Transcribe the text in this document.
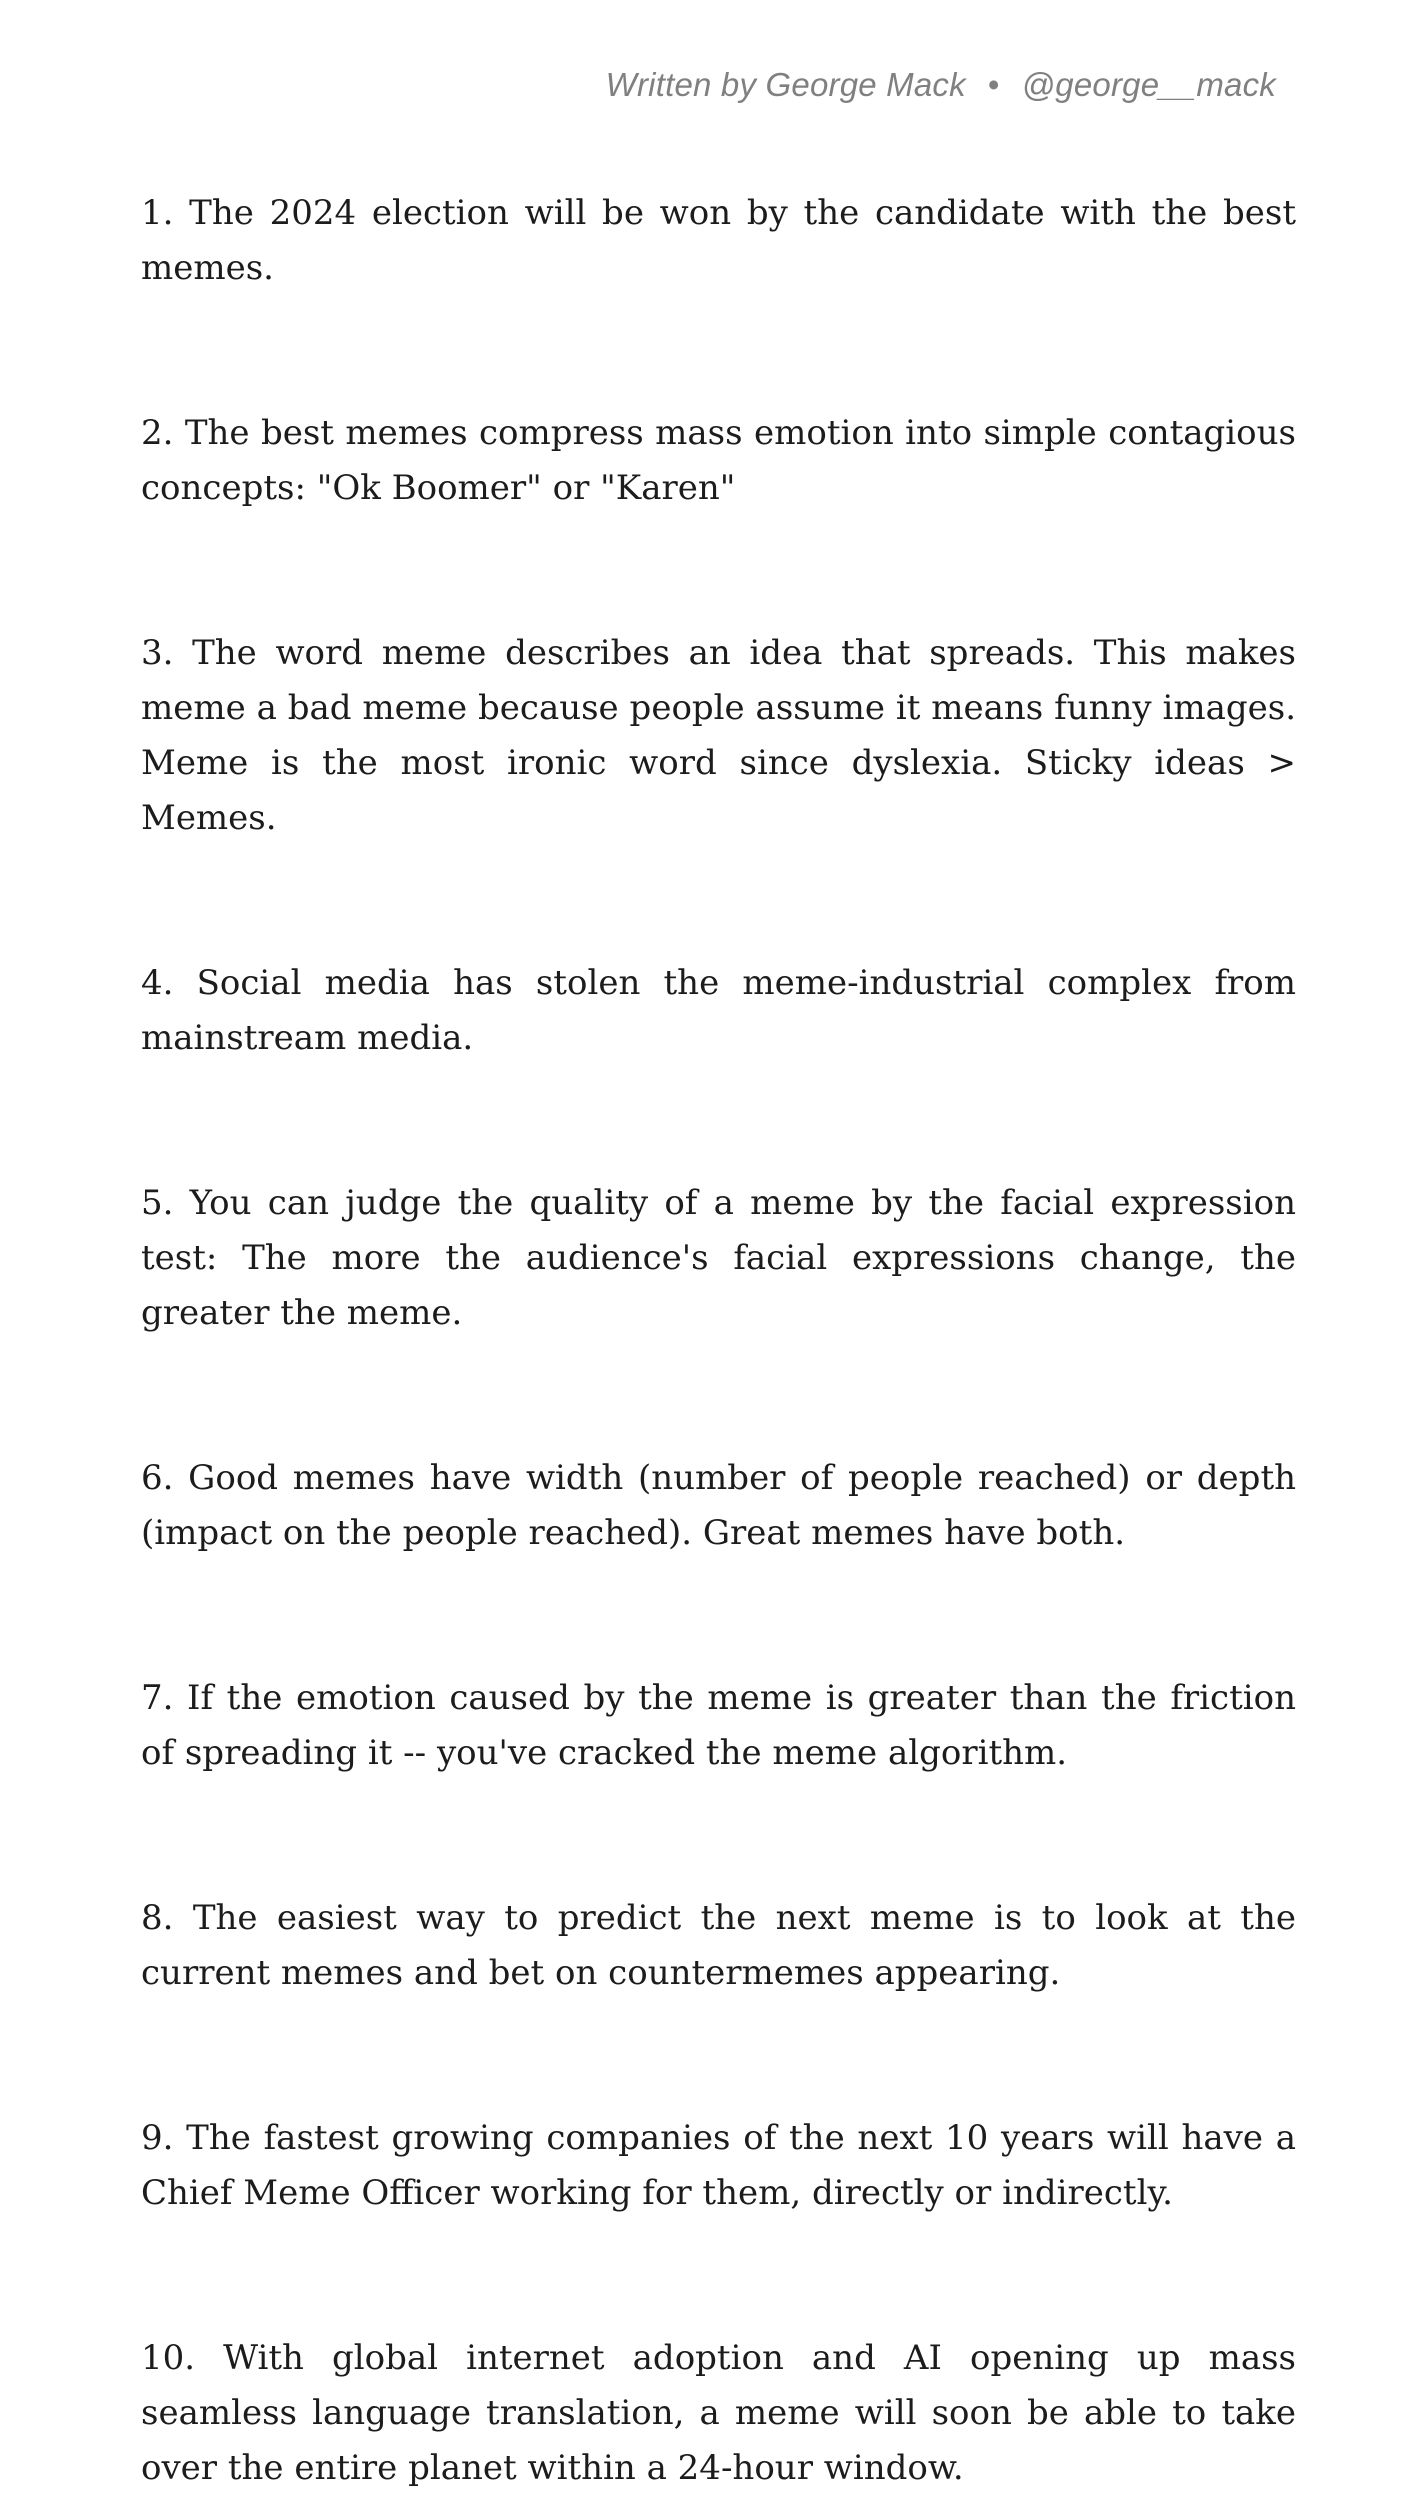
Written by George Mack • @george__mack

1. The 2024 election will be won by the candidate with the best memes.

2. The best memes compress mass emotion into simple contagious concepts: "Ok Boomer" or "Karen"

3. The word meme describes an idea that spreads. This makes meme a bad meme because people assume it means funny images. Meme is the most ironic word since dyslexia. Sticky ideas > Memes.

4. Social media has stolen the meme-industrial complex from mainstream media.

5. You can judge the quality of a meme by the facial expression test: The more the audience's facial expressions change, the greater the meme.

6. Good memes have width (number of people reached) or depth (impact on the people reached). Great memes have both.

7. If the emotion caused by the meme is greater than the friction of spreading it -- you've cracked the meme algorithm.

8. The easiest way to predict the next meme is to look at the current memes and bet on countermemes appearing.

9. The fastest growing companies of the next 10 years will have a Chief Meme Officer working for them, directly or indirectly.

10. With global internet adoption and AI opening up mass seamless language translation, a meme will soon be able to take over the entire planet within a 24-hour window.
